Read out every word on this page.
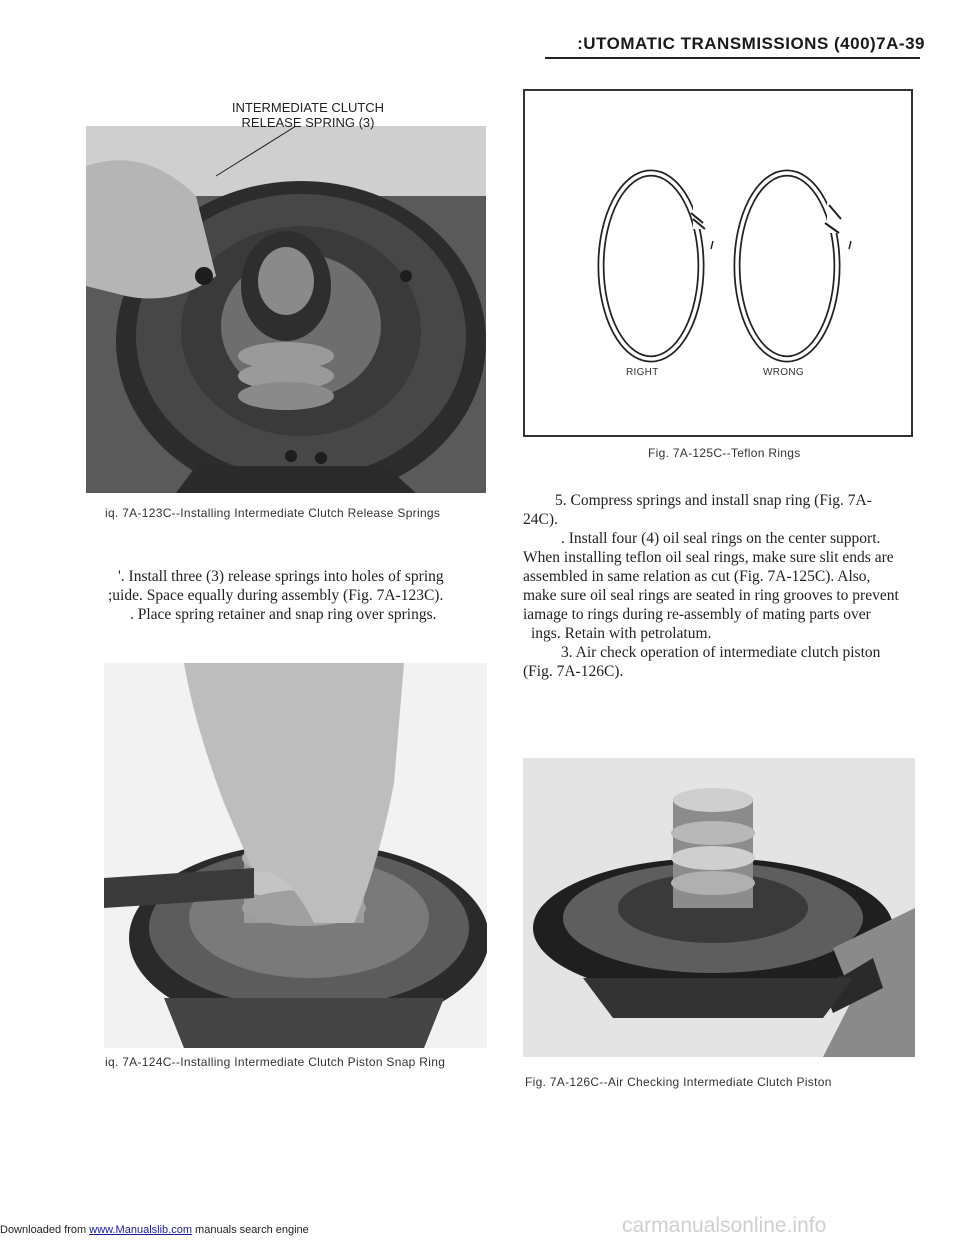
:UTOMATIC TRANSMISSIONS (400)7A-39
INTERMEDIATE CLUTCH
RELEASE SPRING (3)
iq. 7A-123C--Installing Intermediate Clutch Release Springs

'. Install three (3) release springs into holes of spring

;uide. Space equally during assembly (Fig. 7A-123C).

. Place spring retainer and snap ring over springs.

iq. 7A-124C--Installing Intermediate Clutch Piston Snap Ring
RIGHT	WRONG
Fig. 7A-125C--Teflon Rings

5. Compress springs and install snap ring (Fig. 7A-

24C).

. Install four (4) oil seal rings on the center support.

When installing teflon oil seal rings, make sure slit ends are

assembled in same relation as cut (Fig. 7A-125C). Also,

make sure oil seal rings are seated in ring grooves to prevent

iamage to rings during re-assembly of mating parts over

ings. Retain with petrolatum.

3. Air check operation of intermediate clutch piston

(Fig. 7A-126C).

Fig. 7A-126C--Air Checking Intermediate Clutch Piston
Downloaded from www.Manualslib.com manuals search engine	carmanualsonline.info
